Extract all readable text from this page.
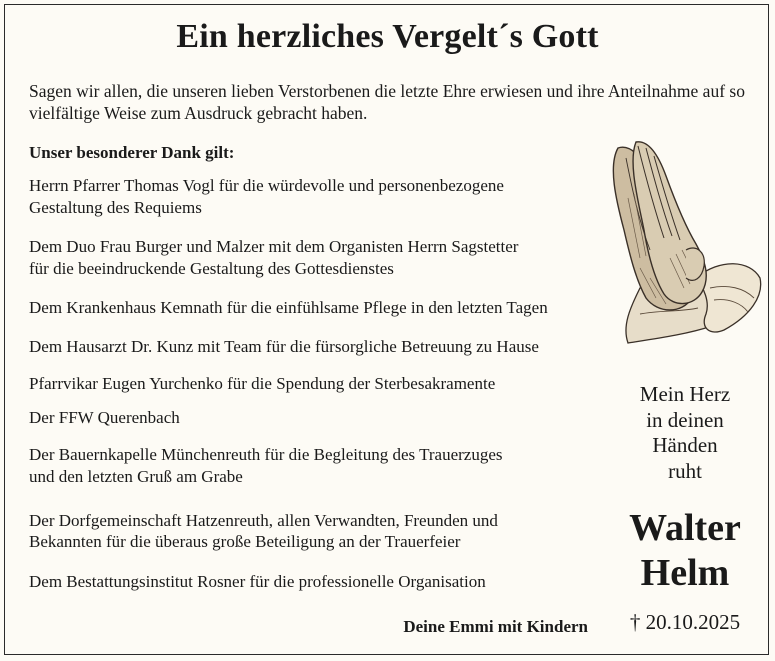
Ein herzliches Vergelt´s Gott
Sagen wir allen, die unseren lieben Verstorbenen die letzte Ehre erwiesen und ihre Anteilnahme auf so vielfältige Weise zum Ausdruck gebracht haben.
Unser besonderer Dank gilt:
Herrn Pfarrer Thomas Vogl für die würdevolle und personenbezogene
Gestaltung des Requiems
Dem Duo Frau Burger und Malzer mit dem Organisten Herrn Sagstetter
für die beeindruckende Gestaltung des Gottesdienstes
Dem Krankenhaus Kemnath für die einfühlsame Pflege in den letzten Tagen
Dem Hausarzt Dr. Kunz mit Team für die fürsorgliche Betreuung zu Hause
Pfarrvikar Eugen Yurchenko für die Spendung der Sterbesakramente
Der FFW Querenbach
Der Bauernkapelle Münchenreuth für die Begleitung des Trauerzuges
und den letzten Gruß am Grabe
Der Dorfgemeinschaft Hatzenreuth, allen Verwandten, Freunden und
Bekannten für die überaus große Beteiligung an der Trauerfeier
Dem Bestattungsinstitut Rosner für die professionelle Organisation
Deine Emmi mit Kindern
Mein Herz
in deinen
Händen
ruht
Walter
Helm
† 20.10.2025
